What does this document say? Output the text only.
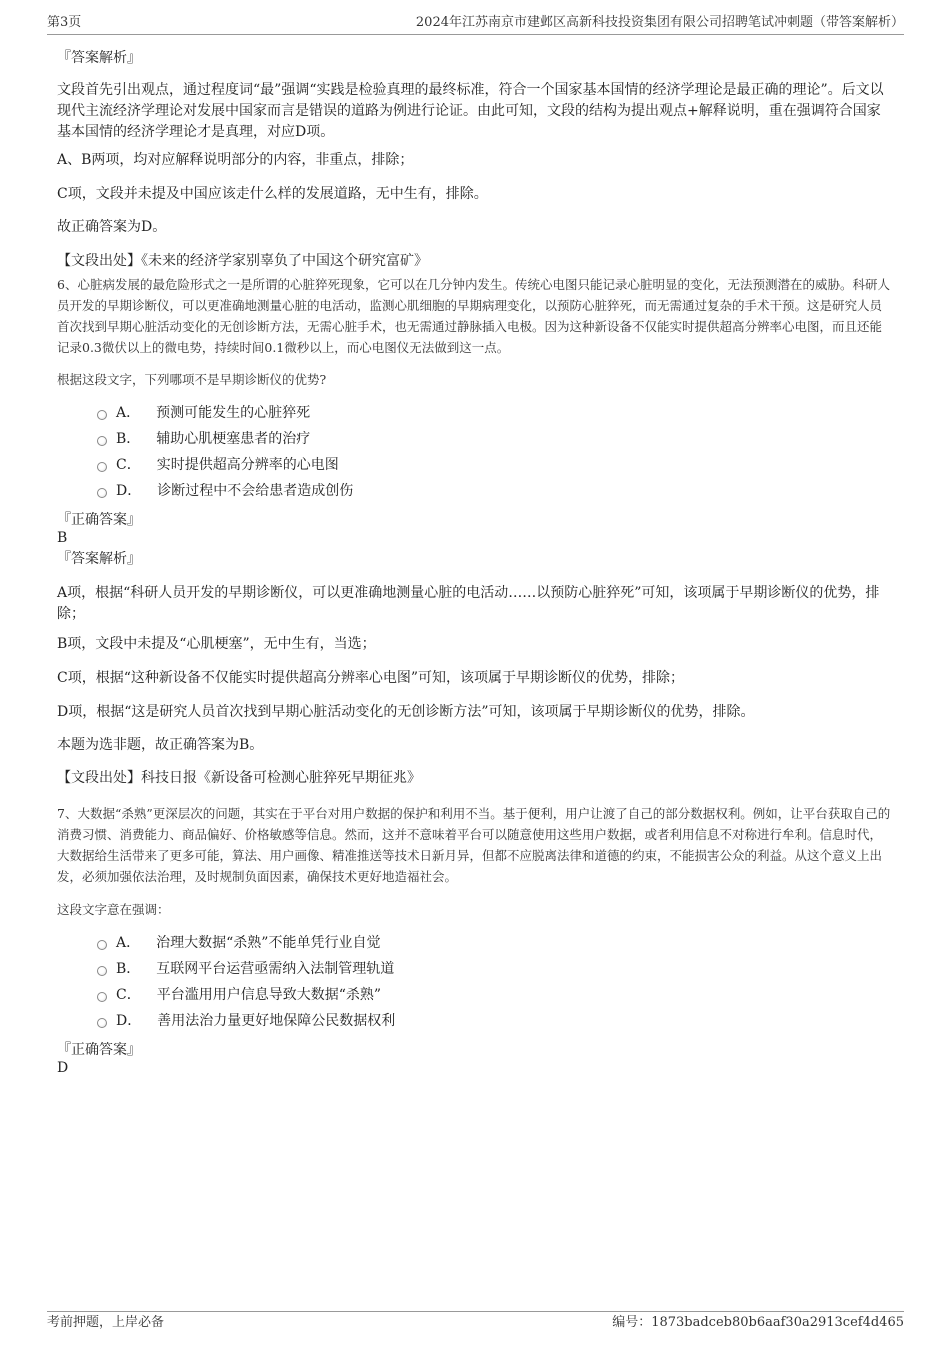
第3页	2024年江苏南京市建邺区高新科技投资集团有限公司招聘笔试冲刺题（带答案解析）
『答案解析』
文段首先引出观点，通过程度词“最”强调“实践是检验真理的最终标准，符合一个国家基本国情的经济学理论是最正确的理论”。后文以现代主流经济学理论对发展中国家而言是错误的道路为例进行论证。由此可知，文段的结构为提出观点+解释说明，重在强调符合国家基本国情的经济学理论才是真理，对应D项。
A、B两项，均对应解释说明部分的内容，非重点，排除；
C项，文段并未提及中国应该走什么样的发展道路，无中生有，排除。
故正确答案为D。
【文段出处】《未来的经济学家别辜负了中国这个研究富矿》
6、心脏病发展的最危险形式之一是所谓的心脏猝死现象，它可以在几分钟内发生。传统心电图只能记录心脏明显的变化，无法预测潜在的威胁。科研人员开发的早期诊断仪，可以更准确地测量心脏的电活动，监测心肌细胞的早期病理变化，以预防心脏猝死，而无需通过复杂的手术干预。这是研究人员首次找到早期心脏活动变化的无创诊断方法，无需心脏手术，也无需通过静脉插入电极。因为这种新设备不仅能实时提供超高分辨率心电图，而且还能记录0.3微伏以上的微电势，持续时间0.1微秒以上，而心电图仪无法做到这一点。
根据这段文字，下列哪项不是早期诊断仪的优势?
A． 预测可能发生的心脏猝死
B． 辅助心肌梗塞患者的治疗
C． 实时提供超高分辨率的心电图
D． 诊断过程中不会给患者造成创伤
『正确答案』
B
『答案解析』
A项，根据“科研人员开发的早期诊断仪，可以更准确地测量心脏的电活动……以预防心脏猝死”可知，该项属于早期诊断仪的优势，排除；
B项，文段中未提及“心肌梗塞”，无中生有，当选；
C项，根据“这种新设备不仅能实时提供超高分辨率心电图”可知，该项属于早期诊断仪的优势，排除；
D项，根据“这是研究人员首次找到早期心脏活动变化的无创诊断方法”可知，该项属于早期诊断仪的优势，排除。
本题为选非题，故正确答案为B。
【文段出处】科技日报《新设备可检测心脏猝死早期征兆》
7、大数据“杀熟”更深层次的问题，其实在于平台对用户数据的保护和利用不当。基于便利，用户让渡了自己的部分数据权利。例如，让平台获取自己的消费习惯、消费能力、商品偏好、价格敏感等信息。然而，这并不意味着平台可以随意使用这些用户数据，或者利用信息不对称进行牟利。信息时代，大数据给生活带来了更多可能，算法、用户画像、精准推送等技术日新月异，但都不应脱离法律和道德的约束，不能损害公众的利益。从这个意义上出发，必须加强依法治理，及时规制负面因素，确保技术更好地造福社会。
这段文字意在强调：
A． 治理大数据“杀熟”不能单凭行业自觉
B． 互联网平台运营亟需纳入法制管理轨道
C． 平台滥用用户信息导致大数据“杀熟”
D． 善用法治力量更好地保障公民数据权利
『正确答案』
D
考前押题，上岸必备	编号：1873badceb80b6aaf30a2913cef4d465
